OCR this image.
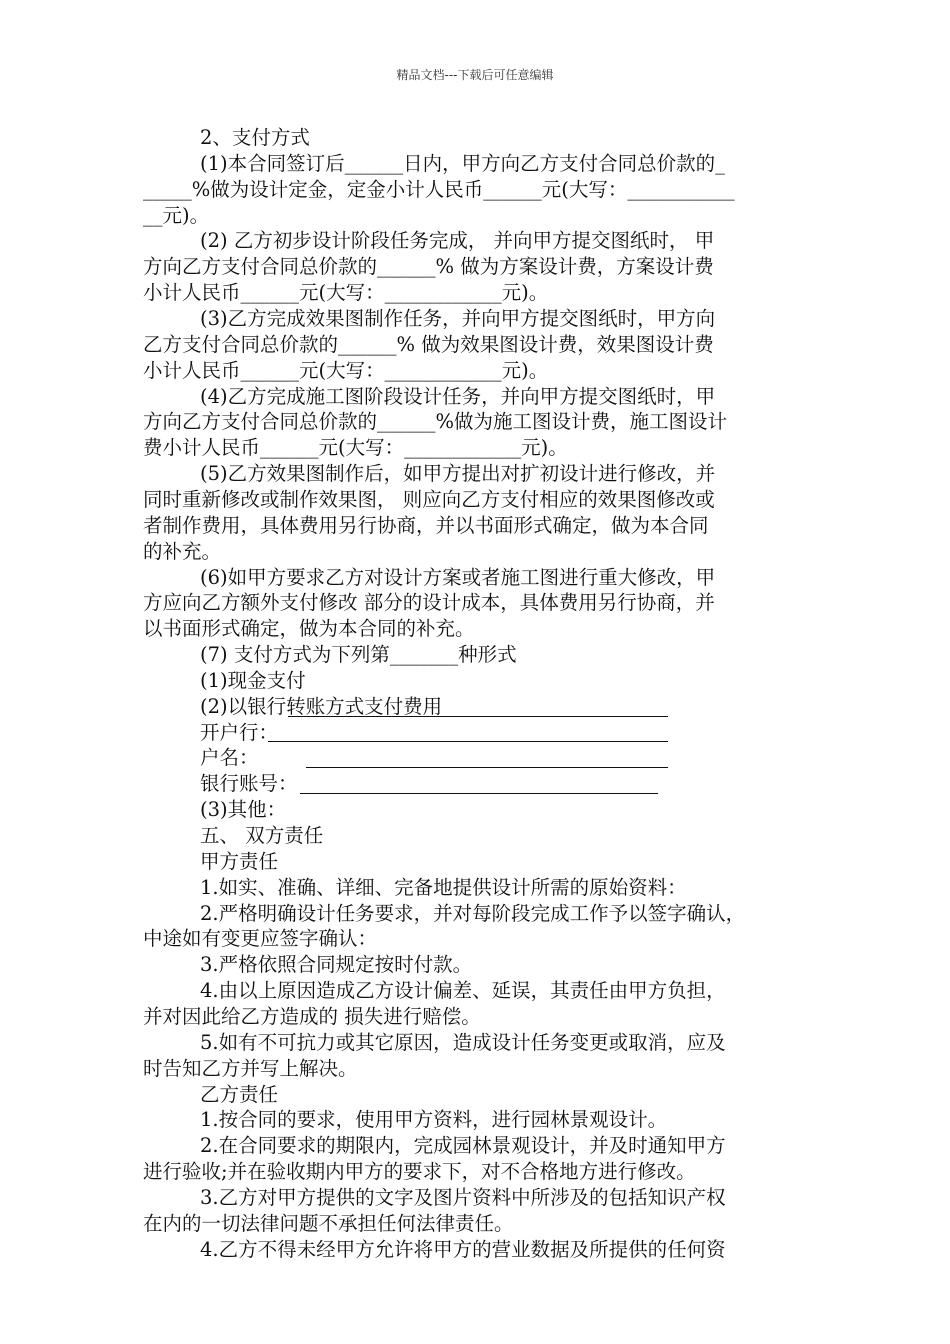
精品文档---下载后可任意编辑
2、支付方式
(1)本合同签订后______日内，甲方向乙方支付合同总价款的_
_____%做为设计定金，定金小计人民币______元(大写：___________
__元)。
(2) 乙方初步设计阶段任务完成， 并向甲方提交图纸时， 甲
方向乙方支付合同总价款的______% 做为方案设计费，方案设计费
小计人民币______元(大写：____________元)。
(3)乙方完成效果图制作任务，并向甲方提交图纸时，甲方向
乙方支付合同总价款的______% 做为效果图设计费，效果图设计费
小计人民币______元(大写：____________元)。
(4)乙方完成施工图阶段设计任务，并向甲方提交图纸时，甲
方向乙方支付合同总价款的______%做为施工图设计费，施工图设计
费小计人民币______元(大写：____________元)。
(5)乙方效果图制作后，如甲方提出对扩初设计进行修改，并
同时重新修改或制作效果图， 则应向乙方支付相应的效果图修改或
者制作费用，具体费用另行协商，并以书面形式确定，做为本合同
的补充。
(6)如甲方要求乙方对设计方案或者施工图进行重大修改，甲
方应向乙方额外支付修改 部分的设计成本，具体费用另行协商，并
以书面形式确定，做为本合同的补充。
(7) 支付方式为下列第_______种形式
(1)现金支付
(2)以银行转账方式支付费用
开户行：
户名：
银行账号：
(3)其他：
五、 双方责任
甲方责任
1.如实、准确、详细、完备地提供设计所需的原始资料：
2.严格明确设计任务要求，并对每阶段完成工作予以签字确认，
中途如有变更应签字确认：
3.严格依照合同规定按时付款。
4.由以上原因造成乙方设计偏差、延误，其责任由甲方负担，
并对因此给乙方造成的 损失进行赔偿。
5.如有不可抗力或其它原因，造成设计任务变更或取消，应及
时告知乙方并写上解决。
乙方责任
1.按合同的要求，使用甲方资料，进行园林景观设计。
2.在合同要求的期限内，完成园林景观设计，并及时通知甲方
进行验收;并在验收期内甲方的要求下，对不合格地方进行修改。
3.乙方对甲方提供的文字及图片资料中所涉及的包括知识产权
在内的一切法律问题不承担任何法律责任。
4.乙方不得未经甲方允许将甲方的营业数据及所提供的任何资
